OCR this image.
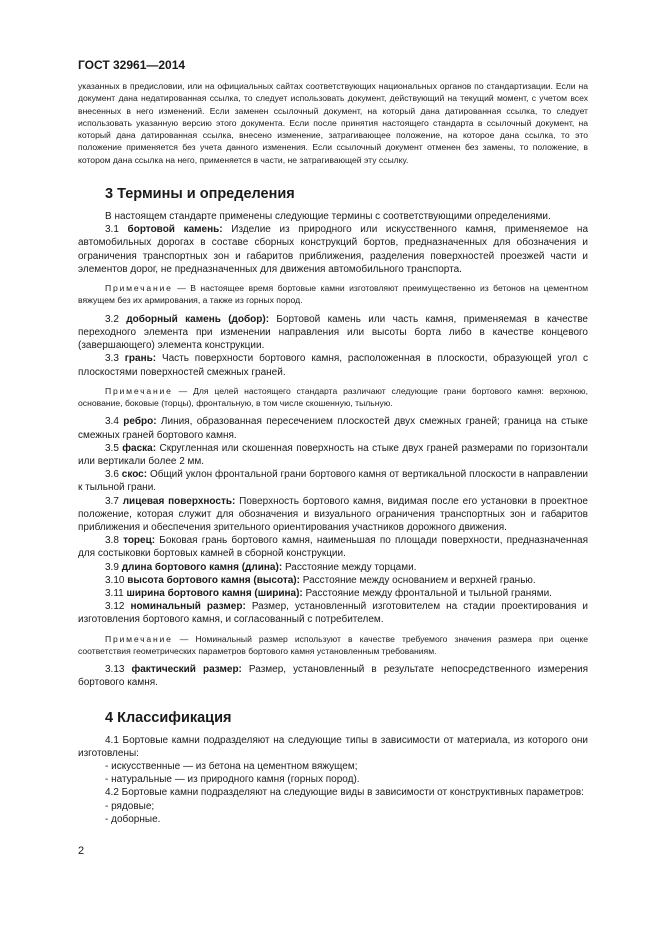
ГОСТ 32961—2014

указанных в предисловии, или на официальных сайтах соответствующих национальных органов по стандартизации. Если на документ дана недатированная ссылка, то следует использовать документ, действующий на текущий момент, с учетом всех внесенных в него изменений. Если заменен ссылочный документ, на который дана датированная ссылка, то следует использовать указанную версию этого документа. Если после принятия настоящего стандарта в ссылочный документ, на который дана датированная ссылка, внесено изменение, затрагивающее положение, на которое дана ссылка, то это положение применяется без учета данного изменения. Если ссылочный документ отменен без замены, то положение, в котором дана ссылка на него, применяется в части, не затрагивающей эту ссылку.

3 Термины и определения

В настоящем стандарте применены следующие термины с соответствующими определениями.

3.1 бортовой камень: Изделие из природного или искусственного камня, применяемое на автомобильных дорогах в составе сборных конструкций бортов, предназначенных для обозначения и ограничения транспортных зон и габаритов приближения, разделения поверхностей проезжей части и элементов дорог, не предназначенных для движения автомобильного транспорта.

Примечание — В настоящее время бортовые камни изготовляют преимущественно из бетонов на цементном вяжущем без их армирования, а также из горных пород.

3.2 доборный камень (добор): Бортовой камень или часть камня, применяемая в качестве переходного элемента при изменении направления или высоты борта либо в качестве концевого (завершающего) элемента конструкции.

3.3 грань: Часть поверхности бортового камня, расположенная в плоскости, образующей угол с плоскостями поверхностей смежных граней.

Примечание — Для целей настоящего стандарта различают следующие грани бортового камня: верхнюю, основание, боковые (торцы), фронтальную, в том числе скошенную, тыльную.

3.4 ребро: Линия, образованная пересечением плоскостей двух смежных граней; граница на стыке смежных граней бортового камня.

3.5 фаска: Скругленная или скошенная поверхность на стыке двух граней размерами по горизонтали или вертикали более 2 мм.

3.6 скос: Общий уклон фронтальной грани бортового камня от вертикальной плоскости в направлении к тыльной грани.

3.7 лицевая поверхность: Поверхность бортового камня, видимая после его установки в проектное положение, которая служит для обозначения и визуального ограничения транспортных зон и габаритов приближения и обеспечения зрительного ориентирования участников дорожного движения.

3.8 торец: Боковая грань бортового камня, наименьшая по площади поверхности, предназначенная для состыковки бортовых камней в сборной конструкции.

3.9 длина бортового камня (длина): Расстояние между торцами.

3.10 высота бортового камня (высота): Расстояние между основанием и верхней гранью.

3.11 ширина бортового камня (ширина): Расстояние между фронтальной и тыльной гранями.

3.12 номинальный размер: Размер, установленный изготовителем на стадии проектирования и изготовления бортового камня, и согласованный с потребителем.

Примечание — Номинальный размер используют в качестве требуемого значения размера при оценке соответствия геометрических параметров бортового камня установленным требованиям.

3.13 фактический размер: Размер, установленный в результате непосредственного измерения бортового камня.

4 Классификация

4.1 Бортовые камни подразделяют на следующие типы в зависимости от материала, из которого они изготовлены:

- искусственные — из бетона на цементном вяжущем;

- натуральные — из природного камня (горных пород).

4.2 Бортовые камни подразделяют на следующие виды в зависимости от конструктивных параметров:

- рядовые;

- доборные.

2
